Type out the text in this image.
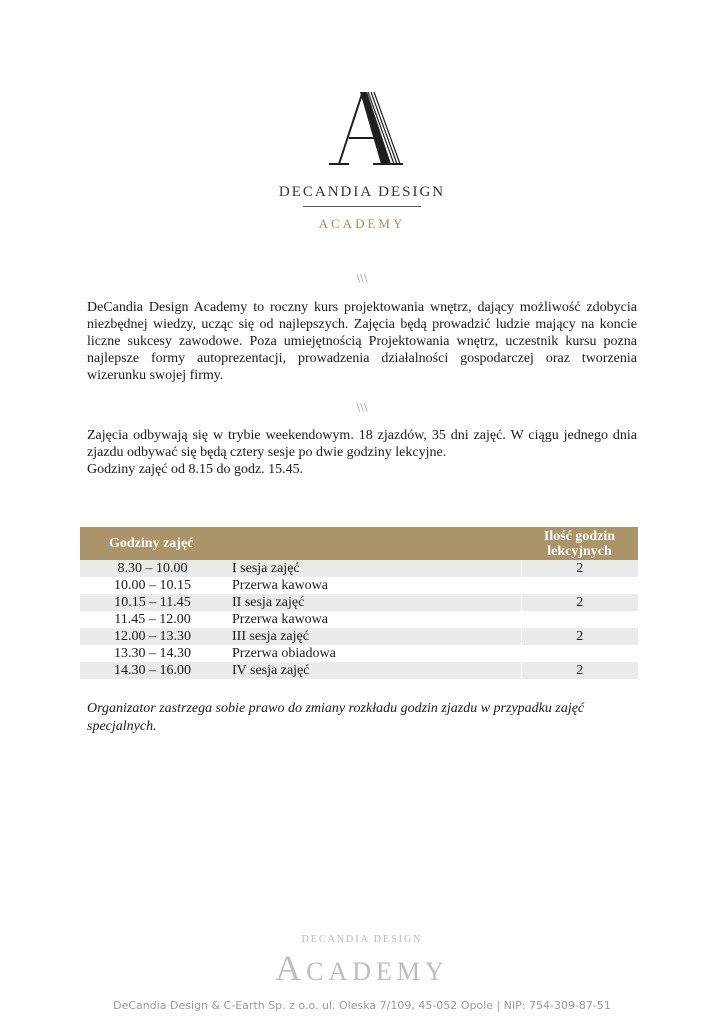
DECANDIA DESIGN
ACADEMY
\\\

DeCandia Design Academy to roczny kurs projektowania wnętrz, dający możliwość zdobycia niezbędnej wiedzy, ucząc się od najlepszych. Zajęcia będą prowadzić ludzie mający na koncie liczne sukcesy zawodowe. Poza umiejętnością Projektowania wnętrz, uczestnik kursu pozna najlepsze formy autoprezentacji, prowadzenia działalności gospodarczej oraz tworzenia wizerunku swojej firmy.

\\\

Zajęcia odbywają się w trybie weekendowym. 18 zjazdów, 35 dni zajęć. W ciągu jednego dnia zjazdu odbywać się będą cztery sesje po dwie godziny lekcyjne.

Godziny zajęć od 8.15 do godz. 15.45.

Godziny zajęć		Ilość godzin lekcyjnych
8.30 – 10.00	I sesja zajęć	2
10.00 – 10.15	Przerwa kawowa	
10.15 – 11.45	II sesja zajęć	2
11.45 – 12.00	Przerwa kawowa	
12.00 – 13.30	III sesja zajęć	2
13.30 – 14.30	Przerwa obiadowa	
14.30 – 16.00	IV sesja zajęć	2

Organizator zastrzega sobie prawo do zmiany rozkładu godzin zjazdu w przypadku zajęć specjalnych.

DECANDIA DESIGN
ACADEMY
DeCandia Design & C-Earth Sp. z o.o. ul. Oleska 7/109, 45-052 Opole | NIP: 754-309-87-51
